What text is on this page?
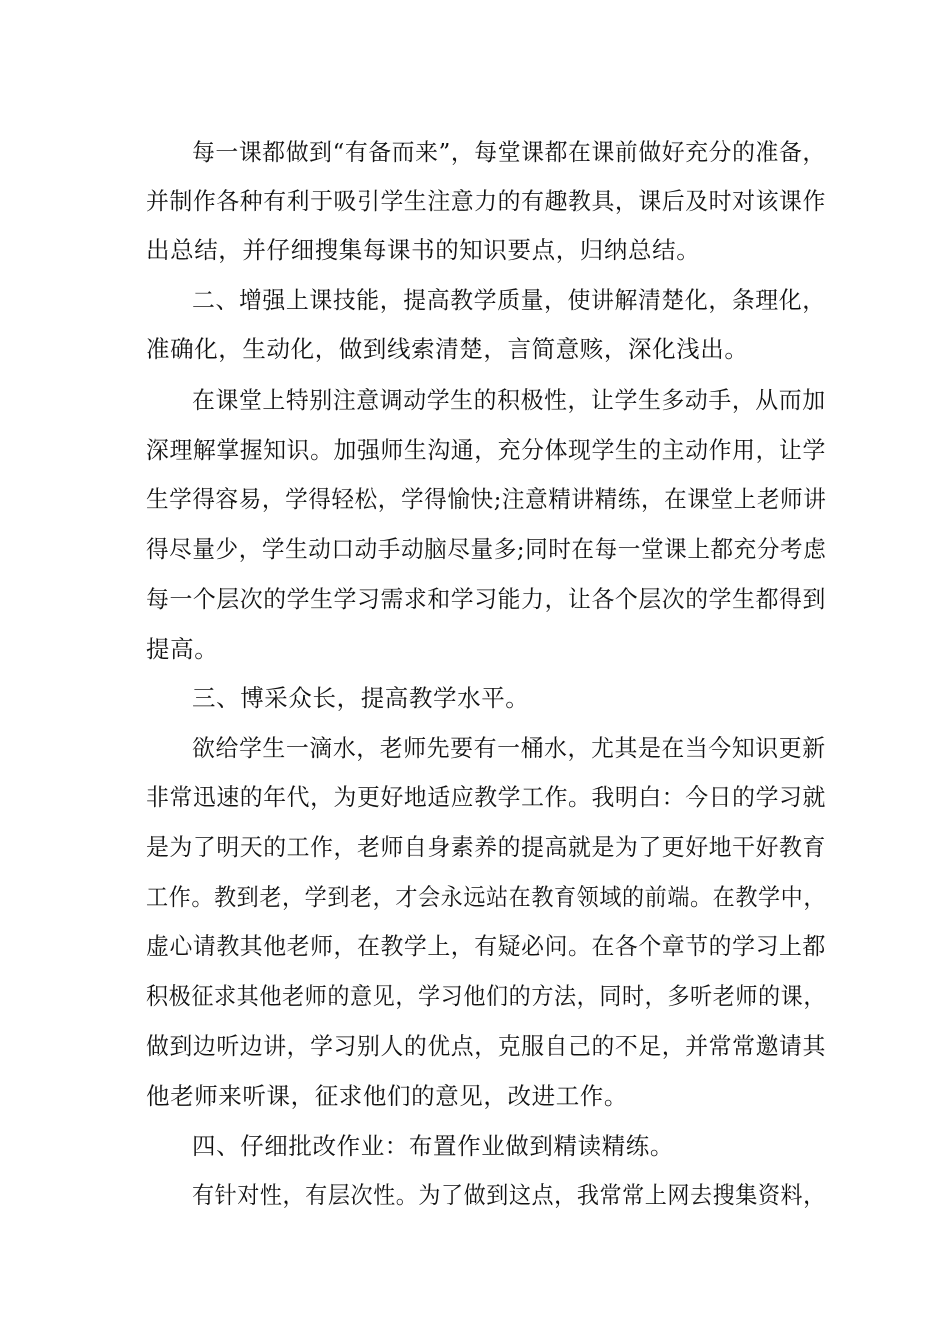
每一课都做到“有备而来”，每堂课都在课前做好充分的准备，
并制作各种有利于吸引学生注意力的有趣教具，课后及时对该课作
出总结，并仔细搜集每课书的知识要点，归纳总结。
二、增强上课技能，提高教学质量，使讲解清楚化，条理化，
准确化，生动化，做到线索清楚，言简意赅，深化浅出。
在课堂上特别注意调动学生的积极性，让学生多动手，从而加
深理解掌握知识。加强师生沟通，充分体现学生的主动作用，让学
生学得容易，学得轻松，学得愉快;注意精讲精练，在课堂上老师讲
得尽量少，学生动口动手动脑尽量多;同时在每一堂课上都充分考虑
每一个层次的学生学习需求和学习能力，让各个层次的学生都得到
提高。
三、博采众长，提高教学水平。
欲给学生一滴水，老师先要有一桶水，尤其是在当今知识更新
非常迅速的年代，为更好地适应教学工作。我明白：今日的学习就
是为了明天的工作，老师自身素养的提高就是为了更好地干好教育
工作。教到老，学到老，才会永远站在教育领域的前端。在教学中，
虚心请教其他老师，在教学上，有疑必问。在各个章节的学习上都
积极征求其他老师的意见，学习他们的方法，同时，多听老师的课，
做到边听边讲，学习别人的优点，克服自己的不足，并常常邀请其
他老师来听课，征求他们的意见，改进工作。
四、仔细批改作业：布置作业做到精读精练。
有针对性，有层次性。为了做到这点，我常常上网去搜集资料，
